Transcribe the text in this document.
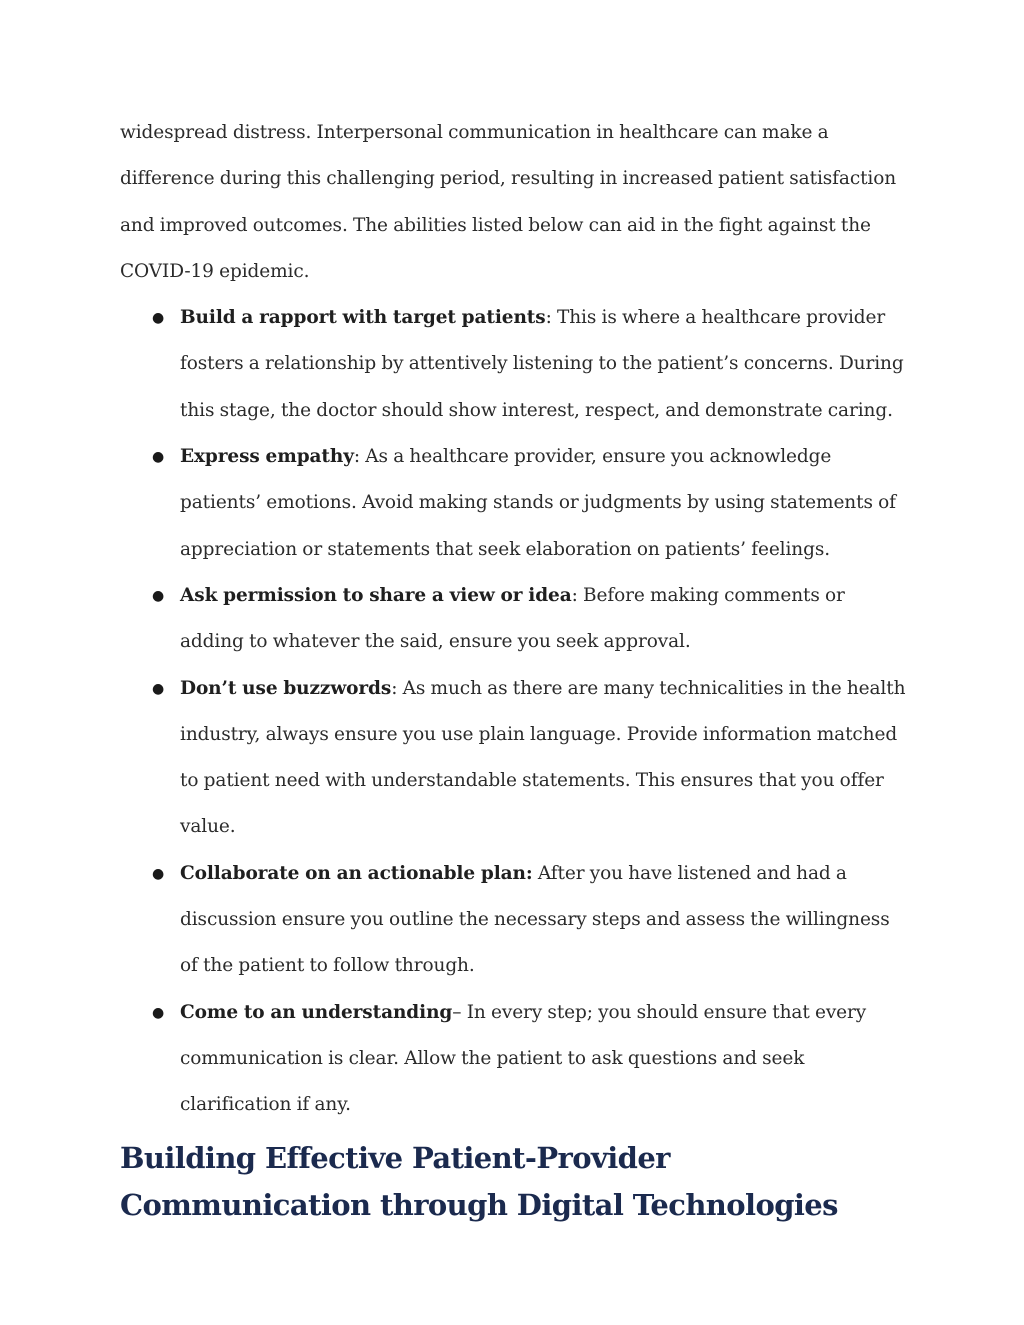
widespread distress. Interpersonal communication in healthcare can make a difference during this challenging period, resulting in increased patient satisfaction and improved outcomes. The abilities listed below can aid in the fight against the COVID-19 epidemic.

● Build a rapport with target patients: This is where a healthcare provider fosters a relationship by attentively listening to the patient’s concerns. During this stage, the doctor should show interest, respect, and demonstrate caring.
● Express empathy: As a healthcare provider, ensure you acknowledge patients’ emotions. Avoid making stands or judgments by using statements of appreciation or statements that seek elaboration on patients’ feelings.
● Ask permission to share a view or idea: Before making comments or adding to whatever the said, ensure you seek approval.
● Don’t use buzzwords: As much as there are many technicalities in the health industry, always ensure you use plain language. Provide information matched to patient need with understandable statements. This ensures that you offer value.
● Collaborate on an actionable plan: After you have listened and had a discussion ensure you outline the necessary steps and assess the willingness of the patient to follow through.
● Come to an understanding– In every step; you should ensure that every communication is clear. Allow the patient to ask questions and seek clarification if any.
Building Effective Patient-Provider Communication through Digital Technologies
